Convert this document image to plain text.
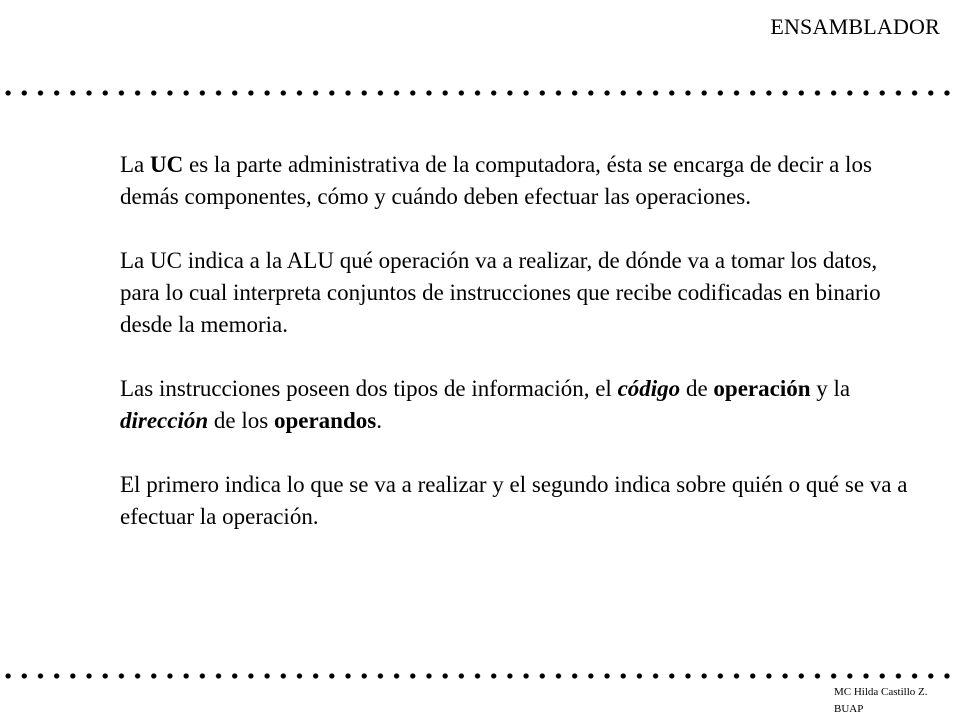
ENSAMBLADOR

La UC es la parte administrativa de la computadora, ésta se encarga de decir a los demás componentes, cómo y cuándo deben efectuar las operaciones.

La UC indica a la ALU qué operación va a realizar, de dónde va a tomar los datos, para lo cual interpreta conjuntos de instrucciones que recibe codificadas en binario desde la memoria.

Las instrucciones poseen dos tipos de información, el código de operación y la dirección de los operandos.

El primero indica lo que se va a realizar y el segundo indica sobre quién o qué se va a efectuar la operación.

MC Hilda Castillo Z.
BUAP
